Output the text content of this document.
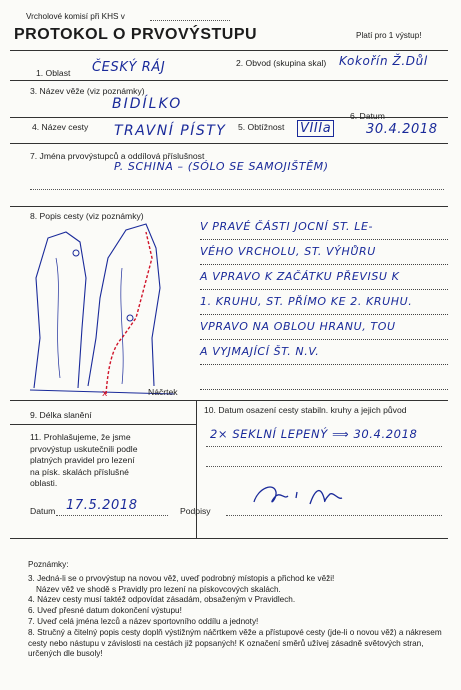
Vrcholové komisí při KHS v
PROTOKOL O PRVOVÝSTUPU	Platí pro 1 výstup!
1. Oblast ČESKÝ RÁJ	2. Obvod (skupina skal) Kokořín Ž.Důl
3. Název věže (viz poznámky)
BIDÍLKO
4. Název cesty TRAVNÍ PÍSTY 5. Obtížnost VIIIa
6. Datum
30.4.2018
7. Jména prvovýstupců a oddílová příslušnost
P. SCHINA – (SÓLO SE SAMOJIŠTĚM)
8. Popis cesty (viz poznámky)
x	Náčrtek
V PRAVÉ ČÁSTI JOCNÍ ST. LE-
VÉHO VRCHOLU, ST. VÝHŮRU
A VPRAVO K ZAČÁTKU PŘEVISU K
1. KRUHU, ST. PŘÍMO KE 2. KRUHU.
VPRAVO NA OBLOU HRANU, TOU
A VYJMAJÍCÍ ŠT. N.V.
9. Délka slanění	10. Datum osazení cesty stabiln. kruhy a jejich původ
2× SEKLNÍ LEPENÝ ⟹ 30.4.2018
11. Prohlašujeme, že jsme prvovýstup uskutečnili podle platných pravidel pro lezení na písk. skalách příslušné oblasti.
Datum 17.5.2018	Podpisy
Poznámky:
3. Jedná-li se o prvovýstup na novou věž, uveď podrobný místopis a přichod ke věži!
Název věž ve shodě s Pravidly pro lezení na pískovcových skalách.
4. Název cesty musí taktéž odpovídat zásadám, obsaženým v Pravidlech.
6. Uveď přesné datum dokončení výstupu!
7. Uveď celá jména lezců a název sportovního oddílu a jednoty!
8. Stručný a čitelný popis cesty doplň výstižným náčrtkem věže a přístupové cesty (jde-li o novou věž) a nákresem cesty nebo nástupu v závislosti na cestách již popsaných! K označení směrů užívej zásadně světových stran, určených dle busoly!
